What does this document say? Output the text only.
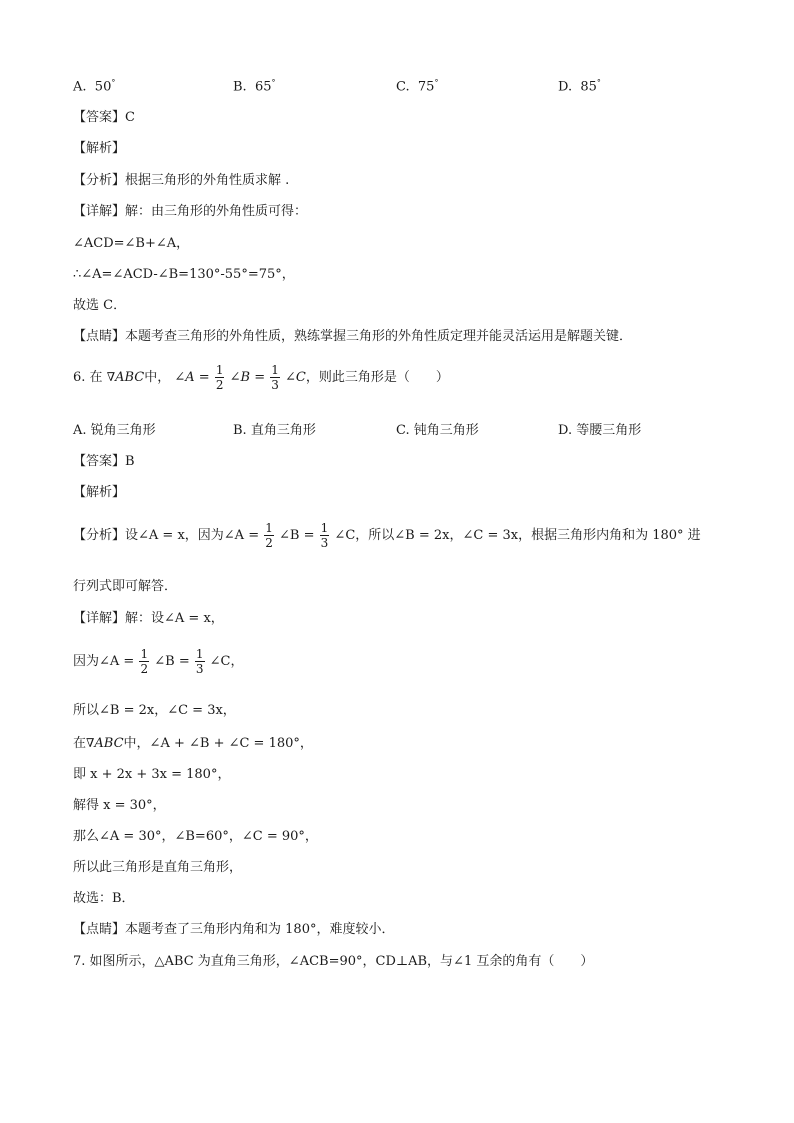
A. 50°	B. 65°	C. 75°	D. 85°
【答案】C
【解析】
【分析】根据三角形的外角性质求解 .
【详解】解：由三角形的外角性质可得：
∠ACD=∠B+∠A，
∴∠A=∠ACD-∠B=130°-55°=75°，
故选 C．
【点睛】本题考查三角形的外角性质，熟练掌握三角形的外角性质定理并能灵活运用是解题关键．
6. 在 ∇ABC中， ∠A = $\frac{1}{2}$ ∠B = $\frac{1}{3}$ ∠C，则此三角形是（　　）
A. 锐角三角形	B. 直角三角形	C. 钝角三角形	D. 等腰三角形
【答案】B
【解析】
【分析】设∠A = x，因为∠A = $\frac{1}{2}$ ∠B = $\frac{1}{3}$ ∠C，所以∠B = 2x，∠C = 3x，根据三角形内角和为 180° 进
行列式即可解答．
【详解】解：设∠A = x，
因为∠A = $\frac{1}{2}$ ∠B = $\frac{1}{3}$ ∠C，
所以∠B = 2x，∠C = 3x，
在∇ABC中，∠A + ∠B + ∠C = 180°，
即 x + 2x + 3x = 180°，
解得 x = 30°，
那么∠A = 30°，∠B=60°，∠C = 90°，
所以此三角形是直角三角形，
故选：B．
【点睛】本题考查了三角形内角和为 180°，难度较小．
7. 如图所示，△ABC 为直角三角形，∠ACB=90°，CD⊥AB，与∠1 互余的角有（　　）
